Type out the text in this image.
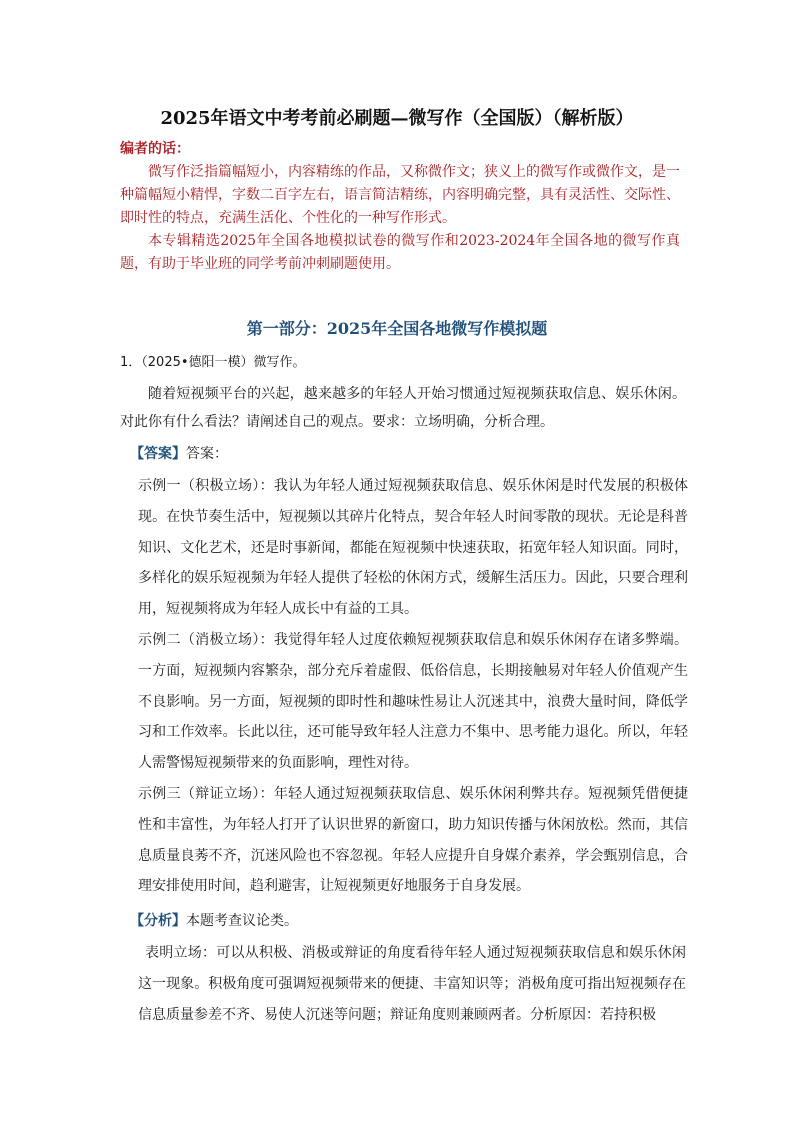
2025年语文中考考前必刷题—微写作（全国版）（解析版）
编者的话：

微写作泛指篇幅短小，内容精练的作品，又称微作文；狭义上的微写作或微作文，是一种篇幅短小精悍，字数二百字左右，语言简洁精练，内容明确完整，具有灵活性、交际性、即时性的特点，充满生活化、个性化的一种写作形式。

本专辑精选2025年全国各地模拟试卷的微写作和2023-2024年全国各地的微写作真题，有助于毕业班的同学考前冲刺刷题使用。

第一部分：2025年全国各地微写作模拟题
1．（2025•德阳一模）微写作。

随着短视频平台的兴起，越来越多的年轻人开始习惯通过短视频获取信息、娱乐休闲。对此你有什么看法？请阐述自己的观点。要求：立场明确，分析合理。

【答案】答案：

示例一（积极立场）：我认为年轻人通过短视频获取信息、娱乐休闲是时代发展的积极体现。在快节奏生活中，短视频以其碎片化特点，契合年轻人时间零散的现状。无论是科普知识、文化艺术，还是时事新闻，都能在短视频中快速获取，拓宽年轻人知识面。同时，多样化的娱乐短视频为年轻人提供了轻松的休闲方式，缓解生活压力。因此，只要合理利用，短视频将成为年轻人成长中有益的工具。

示例二（消极立场）：我觉得年轻人过度依赖短视频获取信息和娱乐休闲存在诸多弊端。一方面，短视频内容繁杂，部分充斥着虚假、低俗信息，长期接触易对年轻人价值观产生不良影响。另一方面，短视频的即时性和趣味性易让人沉迷其中，浪费大量时间，降低学习和工作效率。长此以往，还可能导致年轻人注意力不集中、思考能力退化。所以，年轻人需警惕短视频带来的负面影响，理性对待。

示例三（辩证立场）：年轻人通过短视频获取信息、娱乐休闲利弊共存。短视频凭借便捷性和丰富性，为年轻人打开了认识世界的新窗口，助力知识传播与休闲放松。然而，其信息质量良莠不齐，沉迷风险也不容忽视。年轻人应提升自身媒介素养，学会甄别信息，合理安排使用时间，趋利避害，让短视频更好地服务于自身发展。

【分析】本题考查议论类。

表明立场：可以从积极、消极或辩证的角度看待年轻人通过短视频获取信息和娱乐休闲这一现象。积极角度可强调短视频带来的便捷、丰富知识等；消极角度可指出短视频存在信息质量参差不齐、易使人沉迷等问题；辩证角度则兼顾两者。分析原因：若持积极
